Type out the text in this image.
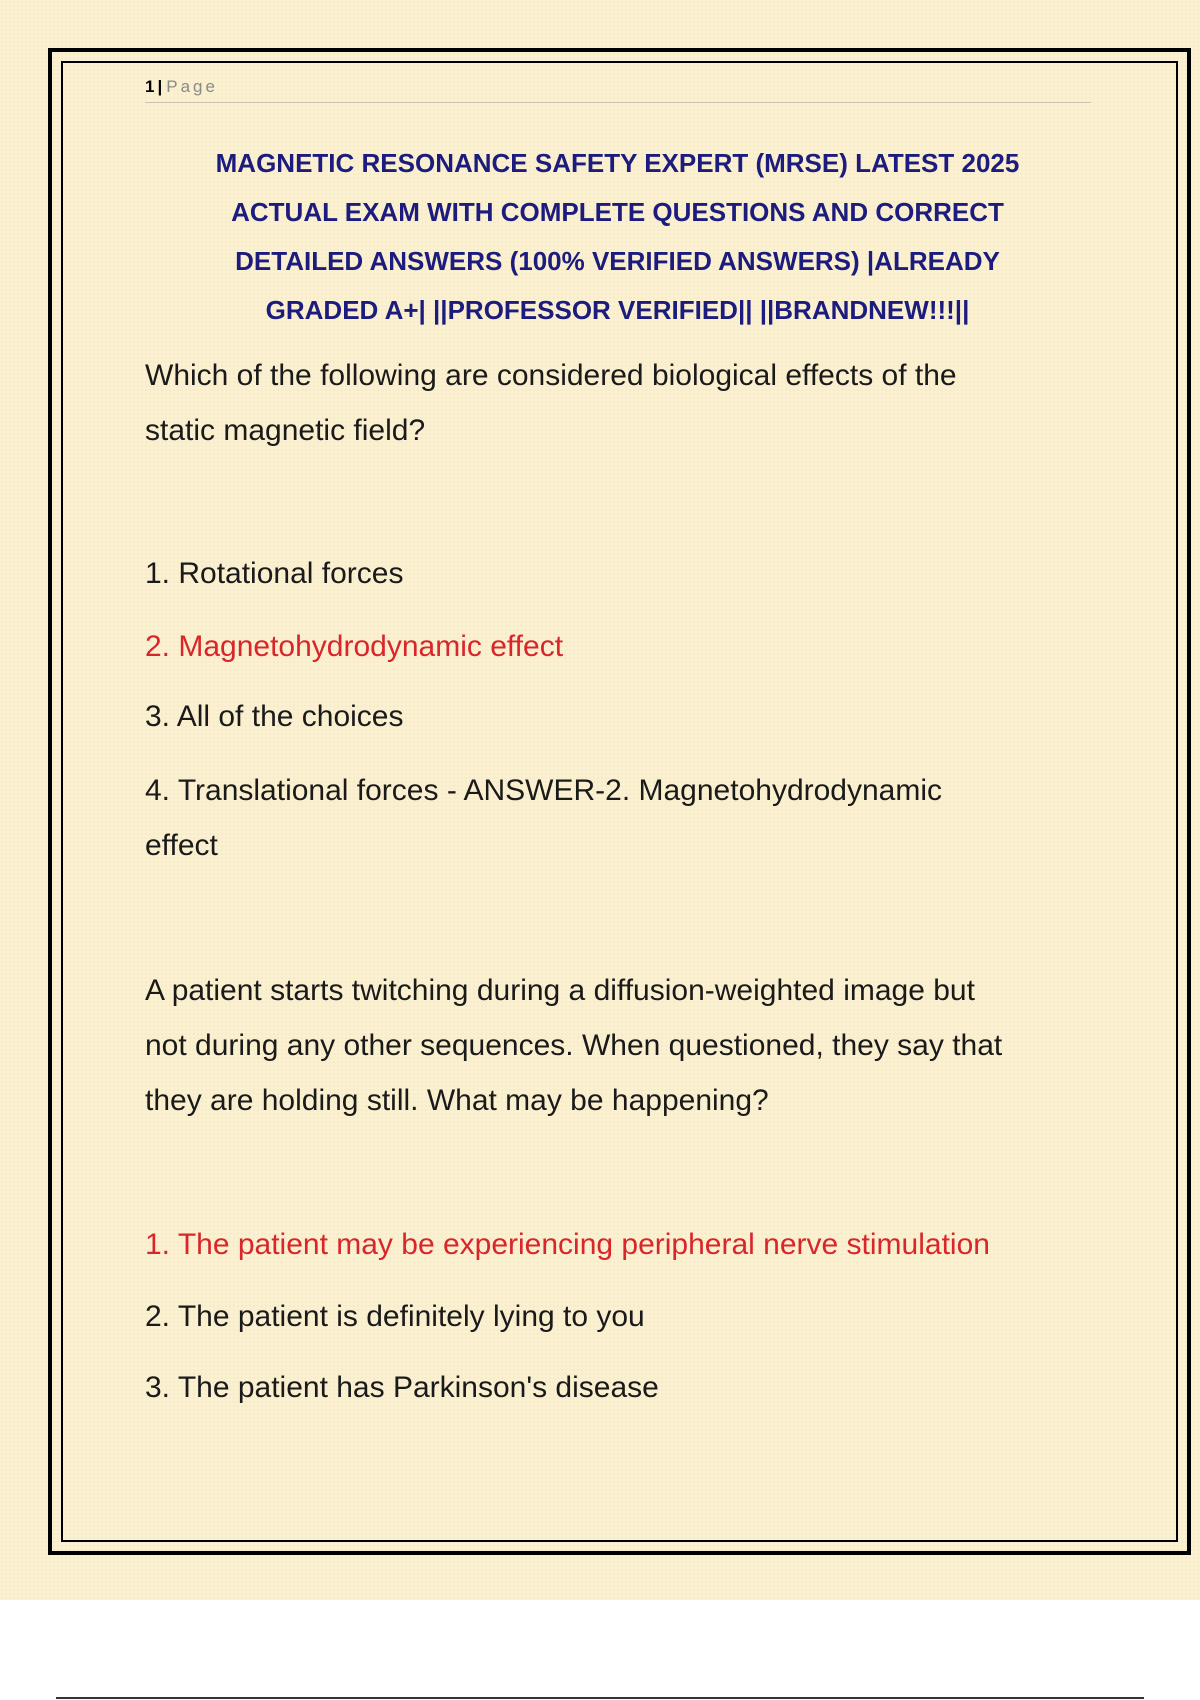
1 | Page
MAGNETIC RESONANCE SAFETY EXPERT (MRSE) LATEST 2025
ACTUAL EXAM WITH COMPLETE QUESTIONS AND CORRECT
DETAILED ANSWERS (100% VERIFIED ANSWERS) |ALREADY
GRADED A+| ||PROFESSOR VERIFIED|| ||BRANDNEW!!!||
Which of the following are considered biological effects of the
static magnetic field?
1. Rotational forces
2. Magnetohydrodynamic effect
3. All of the choices
4. Translational forces - ANSWER-2. Magnetohydrodynamic
effect
A patient starts twitching during a diffusion-weighted image but
not during any other sequences. When questioned, they say that
they are holding still. What may be happening?
1. The patient may be experiencing peripheral nerve stimulation
2. The patient is definitely lying to you
3. The patient has Parkinson's disease
